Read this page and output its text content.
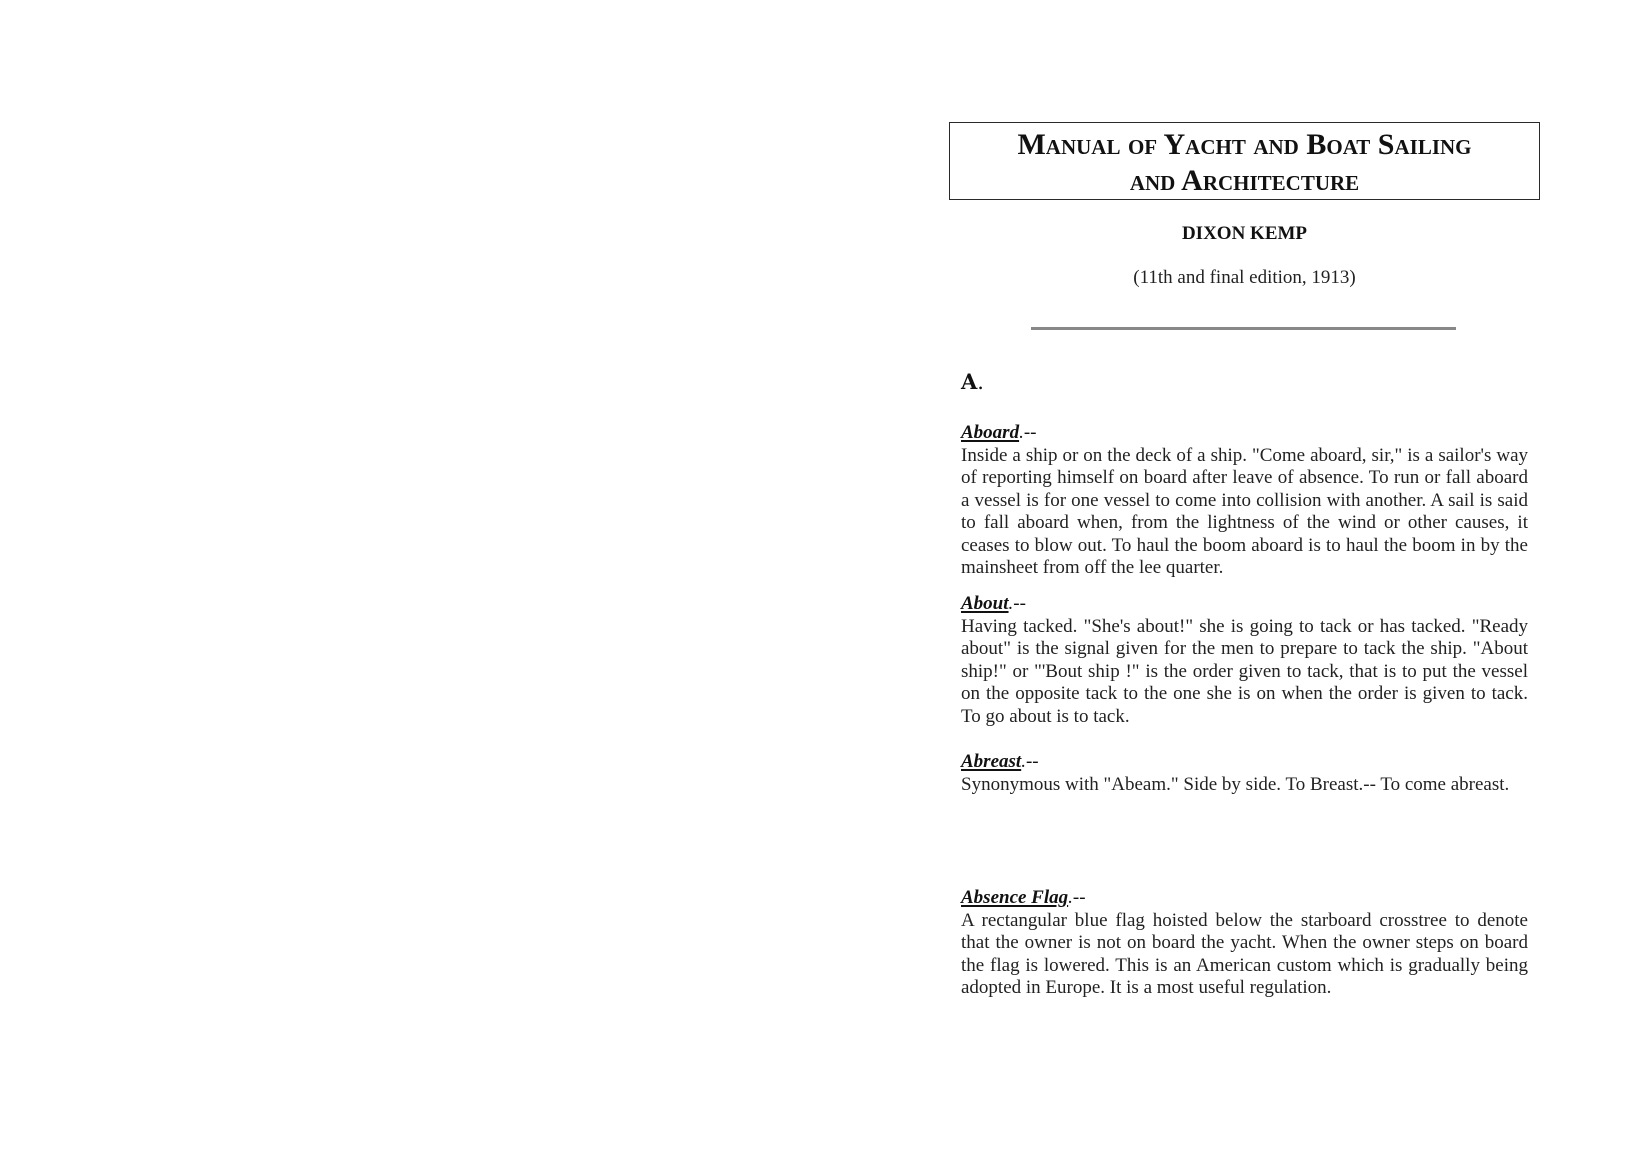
Manual of Yacht and Boat Sailing
and Architecture
DIXON KEMP
(11th and final edition, 1913)
A.
Aboard.--

Inside a ship or on the deck of a ship. "Come aboard, sir," is a sailor's way of reporting himself on board after leave of absence. To run or fall aboard a vessel is for one vessel to come into collision with another. A sail is said to fall aboard when, from the lightness of the wind or other causes, it ceases to blow out. To haul the boom aboard is to haul the boom in by the mainsheet from off the lee quarter.

About.--

Having tacked. "She's about!" she is going to tack or has tacked. "Ready about" is the signal given for the men to prepare to tack the ship. "About ship!" or "'Bout ship !" is the order given to tack, that is to put the vessel on the opposite tack to the one she is on when the order is given to tack. To go about is to tack.

Abreast.--

Synonymous with "Abeam." Side by side. To Breast.-- To come abreast.

Absence Flag.--

A rectangular blue flag hoisted below the starboard crosstree to denote that the owner is not on board the yacht. When the owner steps on board the flag is lowered. This is an American custom which is gradually being adopted in Europe. It is a most useful regulation.
